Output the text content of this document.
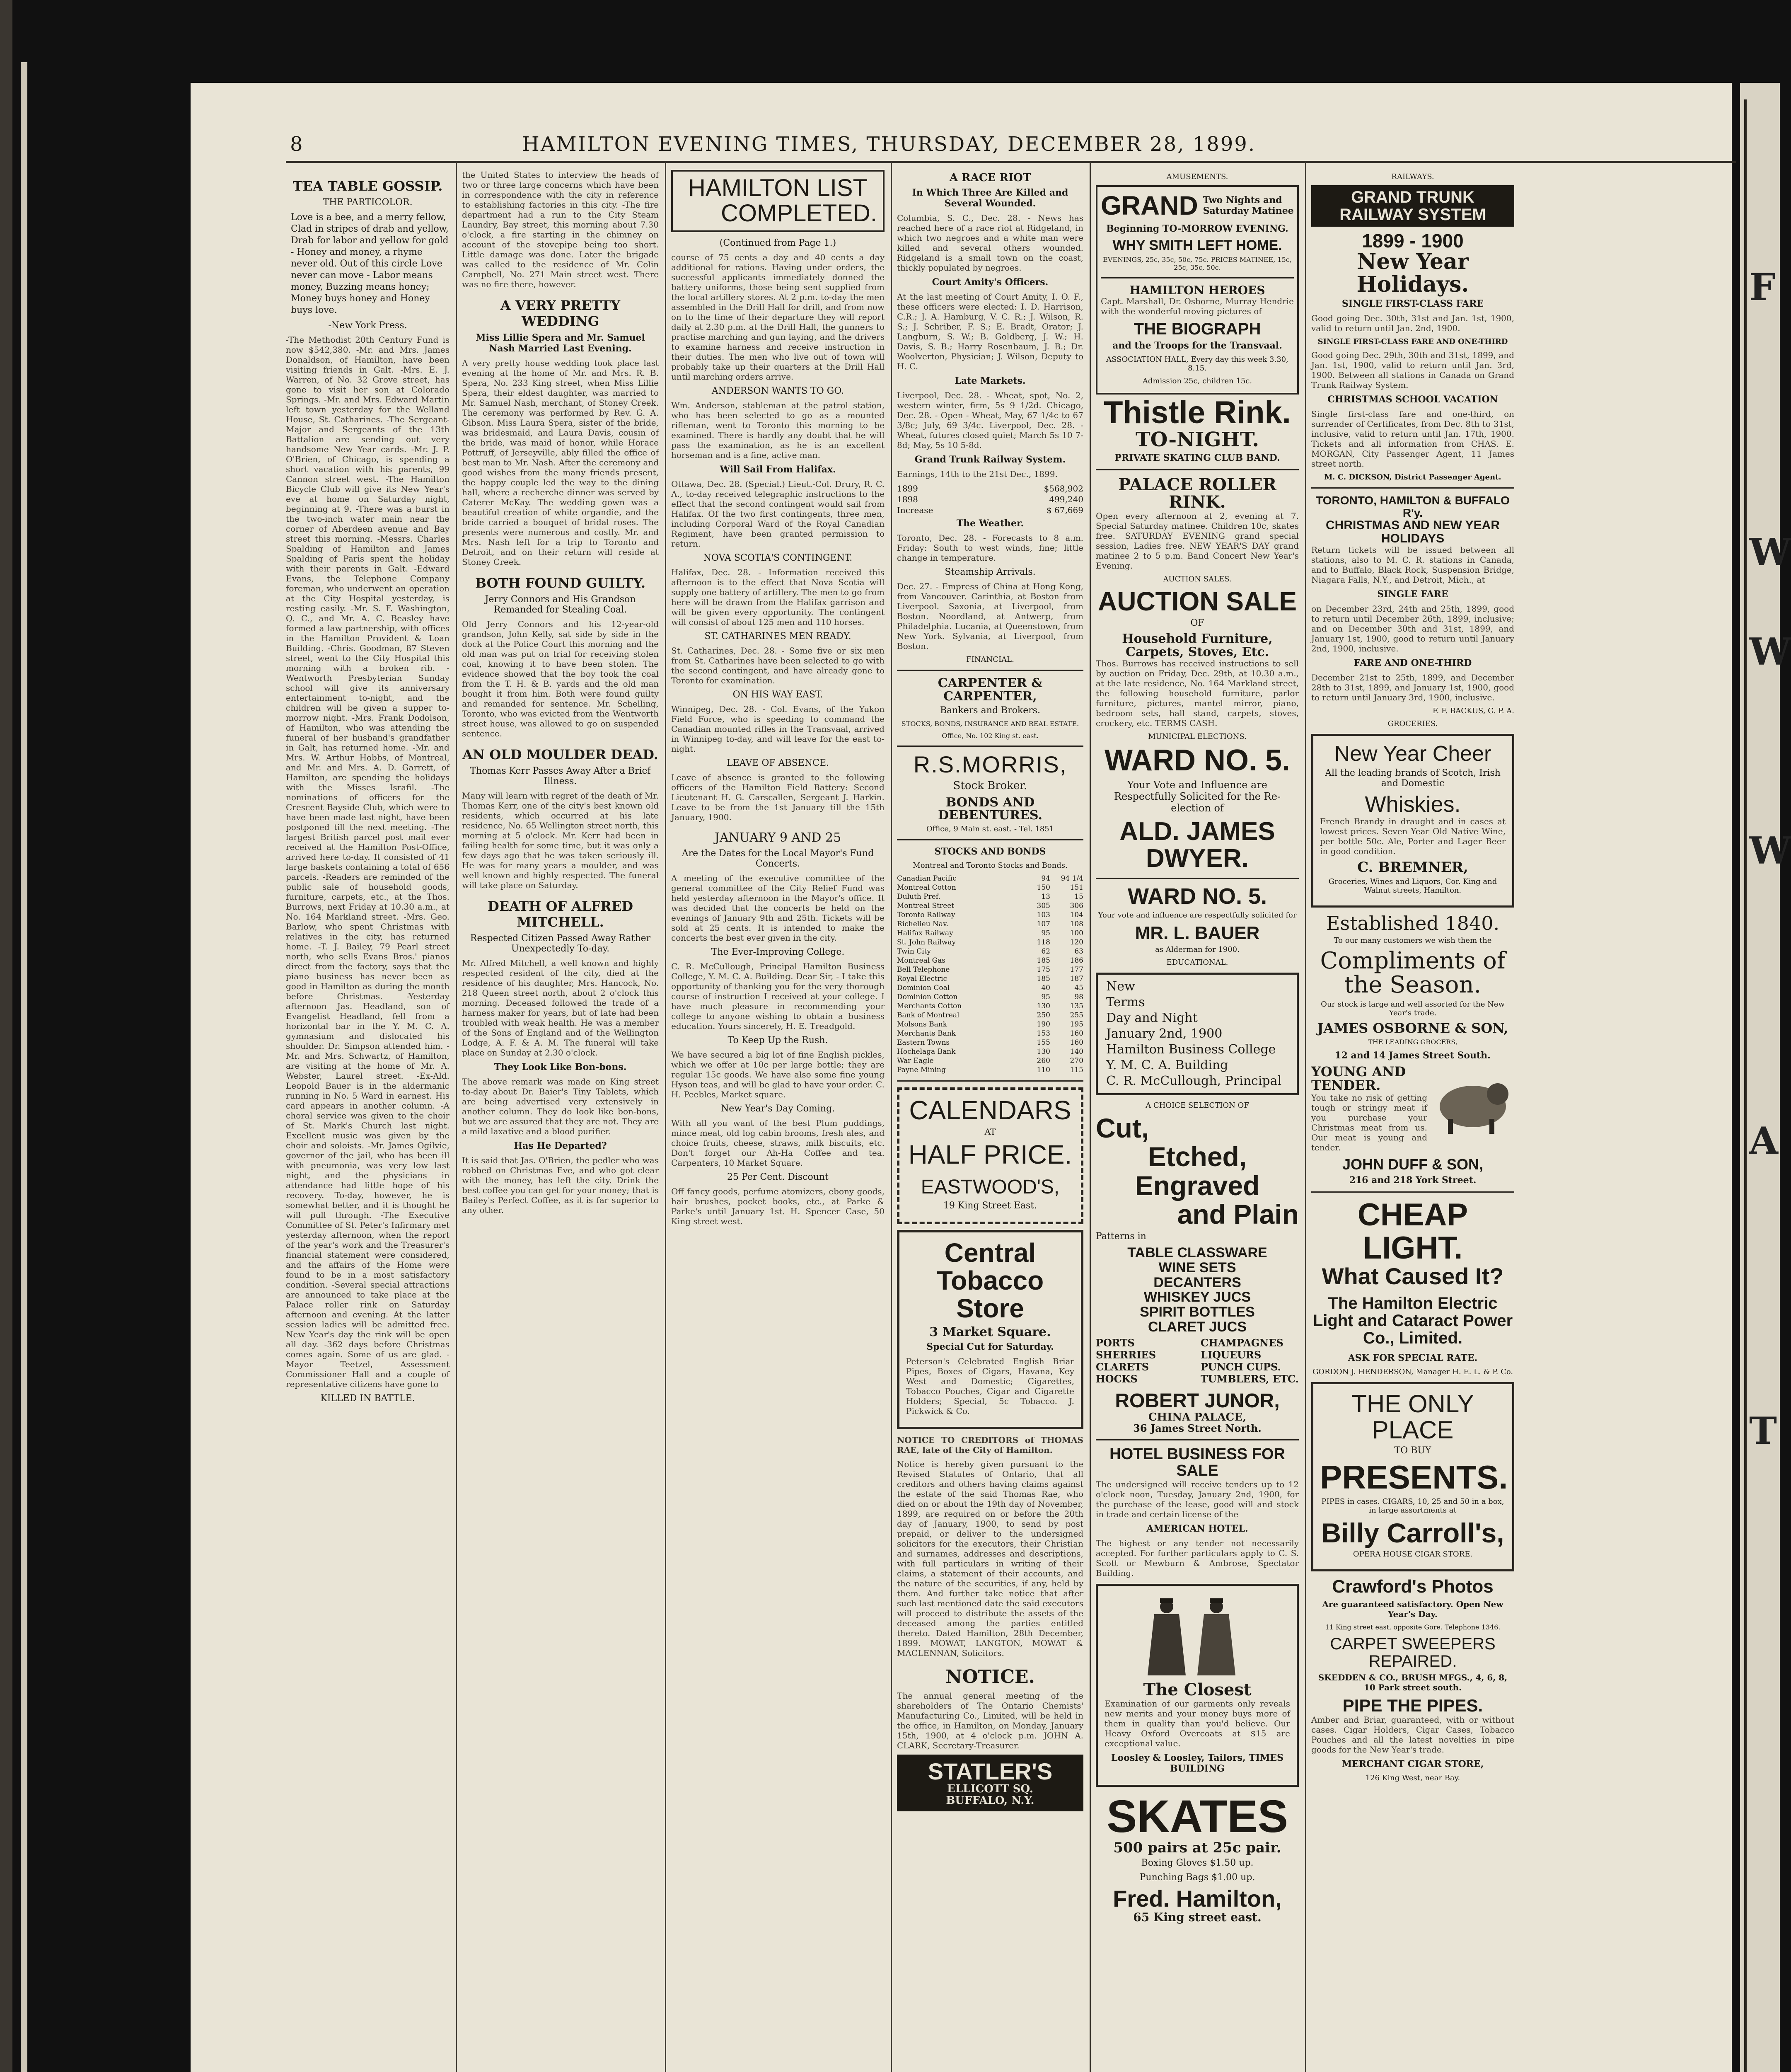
F
W
W
W
A
T
8	HAMILTON EVENING TIMES, THURSDAY, DECEMBER 28, 1899.
TEA TABLE GOSSIP.
THE PARTICOLOR.

Love is a bee, and a merry fellow, Clad in stripes of drab and yellow, Drab for labor and yellow for gold - Honey and money, a rhyme never old. Out of this circle Love never can move - Labor means money, Buzzing means honey; Money buys honey and Honey buys love.

-New York Press.

-The Methodist 20th Century Fund is now $542,380. -Mr. and Mrs. James Donaldson, of Hamilton, have been visiting friends in Galt. -Mrs. E. J. Warren, of No. 32 Grove street, has gone to visit her son at Colorado Springs. -Mr. and Mrs. Edward Martin left town yesterday for the Welland House, St. Catharines. -The Sergeant-Major and Sergeants of the 13th Battalion are sending out very handsome New Year cards. -Mr. J. P. O'Brien, of Chicago, is spending a short vacation with his parents, 99 Cannon street west. -The Hamilton Bicycle Club will give its New Year's eve at home on Saturday night, beginning at 9. -There was a burst in the two-inch water main near the corner of Aberdeen avenue and Bay street this morning. -Messrs. Charles Spalding of Hamilton and James Spalding of Paris spent the holiday with their parents in Galt. -Edward Evans, the Telephone Company foreman, who underwent an operation at the City Hospital yesterday, is resting easily. -Mr. S. F. Washington, Q. C., and Mr. A. C. Beasley have formed a law partnership, with offices in the Hamilton Provident & Loan Building. -Chris. Goodman, 87 Steven street, went to the City Hospital this morning with a broken rib. -Wentworth Presbyterian Sunday school will give its anniversary entertainment to-night, and the children will be given a supper to-morrow night. -Mrs. Frank Dodolson, of Hamilton, who was attending the funeral of her husband's grandfather in Galt, has returned home. -Mr. and Mrs. W. Arthur Hobbs, of Montreal, and Mr. and Mrs. A. D. Garrett, of Hamilton, are spending the holidays with the Misses Israfil. -The nominations of officers for the Crescent Bayside Club, which were to have been made last night, have been postponed till the next meeting. -The largest British parcel post mail ever received at the Hamilton Post-Office, arrived here to-day. It consisted of 41 large baskets containing a total of 656 parcels. -Readers are reminded of the public sale of household goods, furniture, carpets, etc., at the Thos. Burrows, next Friday at 10.30 a.m., at No. 164 Markland street. -Mrs. Geo. Barlow, who spent Christmas with relatives in the city, has returned home. -T. J. Bailey, 79 Pearl street north, who sells Evans Bros.' pianos direct from the factory, says that the piano business has never been as good in Hamilton as during the month before Christmas. -Yesterday afternoon Jas. Headland, son of Evangelist Headland, fell from a horizontal bar in the Y. M. C. A. gymnasium and dislocated his shoulder. Dr. Simpson attended him. -Mr. and Mrs. Schwartz, of Hamilton, are visiting at the home of Mr. A. Webster, Laurel street. -Ex-Ald. Leopold Bauer is in the aldermanic running in No. 5 Ward in earnest. His card appears in another column. -A choral service was given to the choir of St. Mark's Church last night. Excellent music was given by the choir and soloists. -Mr. James Ogilvie, governor of the jail, who has been ill with pneumonia, was very low last night, and the physicians in attendance had little hope of his recovery. To-day, however, he is somewhat better, and it is thought he will pull through. -The Executive Committee of St. Peter's Infirmary met yesterday afternoon, when the report of the year's work and the Treasurer's financial statement were considered, and the affairs of the Home were found to be in a most satisfactory condition. -Several special attractions are announced to take place at the Palace roller rink on Saturday afternoon and evening. At the latter session ladies will be admitted free. New Year's day the rink will be open all day. -362 days before Christmas comes again. Some of us are glad. -Mayor Teetzel, Assessment Commissioner Hall and a couple of representative citizens have gone to

KILLED IN BATTLE.

the United States to interview the heads of two or three large concerns which have been in correspondence with the city in reference to establishing factories in this city. -The fire department had a run to the City Steam Laundry, Bay street, this morning about 7.30 o'clock, a fire starting in the chimney on account of the stovepipe being too short. Little damage was done. Later the brigade was called to the residence of Mr. Colin Campbell, No. 271 Main street west. There was no fire there, however.

A VERY PRETTY WEDDING
Miss Lillie Spera and Mr. Samuel Nash Married Last Evening.

A very pretty house wedding took place last evening at the home of Mr. and Mrs. R. B. Spera, No. 233 King street, when Miss Lillie Spera, their eldest daughter, was married to Mr. Samuel Nash, merchant, of Stoney Creek. The ceremony was performed by Rev. G. A. Gibson. Miss Laura Spera, sister of the bride, was bridesmaid, and Laura Davis, cousin of the bride, was maid of honor, while Horace Pottruff, of Jerseyville, ably filled the office of best man to Mr. Nash. After the ceremony and good wishes from the many friends present, the happy couple led the way to the dining hall, where a recherche dinner was served by Caterer McKay. The wedding gown was a beautiful creation of white organdie, and the bride carried a bouquet of bridal roses. The presents were numerous and costly. Mr. and Mrs. Nash left for a trip to Toronto and Detroit, and on their return will reside at Stoney Creek.

BOTH FOUND GUILTY.
Jerry Connors and His Grandson Remanded for Stealing Coal.

Old Jerry Connors and his 12-year-old grandson, John Kelly, sat side by side in the dock at the Police Court this morning and the old man was put on trial for receiving stolen coal, knowing it to have been stolen. The evidence showed that the boy took the coal from the T. H. & B. yards and the old man bought it from him. Both were found guilty and remanded for sentence. Mr. Schelling, Toronto, who was evicted from the Wentworth street house, was allowed to go on suspended sentence.

AN OLD MOULDER DEAD.
Thomas Kerr Passes Away After a Brief Illness.

Many will learn with regret of the death of Mr. Thomas Kerr, one of the city's best known old residents, which occurred at his late residence, No. 65 Wellington street north, this morning at 5 o'clock. Mr. Kerr had been in failing health for some time, but it was only a few days ago that he was taken seriously ill. He was for many years a moulder, and was well known and highly respected. The funeral will take place on Saturday.

DEATH OF ALFRED MITCHELL.
Respected Citizen Passed Away Rather Unexpectedly To-day.

Mr. Alfred Mitchell, a well known and highly respected resident of the city, died at the residence of his daughter, Mrs. Hancock, No. 218 Queen street north, about 2 o'clock this morning. Deceased followed the trade of a harness maker for years, but of late had been troubled with weak health. He was a member of the Sons of England and of the Wellington Lodge, A. F. & A. M. The funeral will take place on Sunday at 2.30 o'clock.

They Look Like Bon-bons.

The above remark was made on King street to-day about Dr. Baier's Tiny Tablets, which are being advertised very extensively in another column. They do look like bon-bons, but we are assured that they are not. They are a mild laxative and a blood purifier.

Has He Departed?

It is said that Jas. O'Brien, the pedler who was robbed on Christmas Eve, and who got clear with the money, has left the city. Drink the best coffee you can get for your money; that is Bailey's Perfect Coffee, as it is far superior to any other.

HAMILTON LIST
COMPLETED.
(Continued from Page 1.)

course of 75 cents a day and 40 cents a day additional for rations. Having under orders, the successful applicants immediately donned the battery uniforms, those being sent supplied from the local artillery stores. At 2 p.m. to-day the men assembled in the Drill Hall for drill, and from now on to the time of their departure they will report daily at 2.30 p.m. at the Drill Hall, the gunners to practise marching and gun laying, and the drivers to examine harness and receive instruction in their duties. The men who live out of town will probably take up their quarters at the Drill Hall until marching orders arrive.

ANDERSON WANTS TO GO.

Wm. Anderson, stableman at the patrol station, who has been selected to go as a mounted rifleman, went to Toronto this morning to be examined. There is hardly any doubt that he will pass the examination, as he is an excellent horseman and is a fine, active man.

Will Sail From Halifax.

Ottawa, Dec. 28. (Special.) Lieut.-Col. Drury, R. C. A., to-day received telegraphic instructions to the effect that the second contingent would sail from Halifax. Of the two first contingents, three men, including Corporal Ward of the Royal Canadian Regiment, have been granted permission to return.

NOVA SCOTIA'S CONTINGENT.

Halifax, Dec. 28. - Information received this afternoon is to the effect that Nova Scotia will supply one battery of artillery. The men to go from here will be drawn from the Halifax garrison and will be given every opportunity. The contingent will consist of about 125 men and 110 horses.

ST. CATHARINES MEN READY.

St. Catharines, Dec. 28. - Some five or six men from St. Catharines have been selected to go with the second contingent, and have already gone to Toronto for examination.

ON HIS WAY EAST.

Winnipeg, Dec. 28. - Col. Evans, of the Yukon Field Force, who is speeding to command the Canadian mounted rifles in the Transvaal, arrived in Winnipeg to-day, and will leave for the east to-night.

LEAVE OF ABSENCE.

Leave of absence is granted to the following officers of the Hamilton Field Battery: Second Lieutenant H. G. Carscallen, Sergeant J. Harkin. Leave to be from the 1st January till the 15th January, 1900.

JANUARY 9 AND 25
Are the Dates for the Local Mayor's Fund Concerts.

A meeting of the executive committee of the general committee of the City Relief Fund was held yesterday afternoon in the Mayor's office. It was decided that the concerts be held on the evenings of January 9th and 25th. Tickets will be sold at 25 cents. It is intended to make the concerts the best ever given in the city.

The Ever-Improving College.

C. R. McCullough, Principal Hamilton Business College, Y. M. C. A. Building. Dear Sir, - I take this opportunity of thanking you for the very thorough course of instruction I received at your college. I have much pleasure in recommending your college to anyone wishing to obtain a business education. Yours sincerely, H. E. Treadgold.

To Keep Up the Rush.

We have secured a big lot of fine English pickles, which we offer at 10c per large bottle; they are regular 15c goods. We have also some fine young Hyson teas, and will be glad to have your order. C. H. Peebles, Market square.

New Year's Day Coming.

With all you want of the best Plum puddings, mince meat, old log cabin brooms, fresh ales, and choice fruits, cheese, straws, milk biscuits, etc. Don't forget our Ah-Ha Coffee and tea. Carpenters, 10 Market Square.

25 Per Cent. Discount

Off fancy goods, perfume atomizers, ebony goods, hair brushes, pocket books, etc., at Parke & Parke's until January 1st. H. Spencer Case, 50 King street west.

A RACE RIOT
In Which Three Are Killed and Several Wounded.

Columbia, S. C., Dec. 28. - News has reached here of a race riot at Ridgeland, in which two negroes and a white man were killed and several others wounded. Ridgeland is a small town on the coast, thickly populated by negroes.

Court Amity's Officers.

At the last meeting of Court Amity, I. O. F., these officers were elected: I. D. Harrison, C.R.; J. A. Hamburg, V. C. R.; J. Wilson, R. S.; J. Schriber, F. S.; E. Bradt, Orator; J. Langburn, S. W.; B. Goldberg, J. W.; H. Davis, S. B.; Harry Rosenbaum, J. B.; Dr. Woolverton, Physician; J. Wilson, Deputy to H. C.

Late Markets.

Liverpool, Dec. 28. - Wheat, spot, No. 2, western winter, firm, 5s 9 1/2d. Chicago, Dec. 28. - Open - Wheat, May, 67 1/4c to 67 3/8c; July, 69 3/4c. Liverpool, Dec. 28. - Wheat, futures closed quiet; March 5s 10 7-8d; May, 5s 10 5-8d.

Grand Trunk Railway System.

Earnings, 14th to the 21st Dec., 1899.

1899	$568,902
1898	499,240
Increase	$ 67,669
The Weather.

Toronto, Dec. 28. - Forecasts to 8 a.m. Friday: South to west winds, fine; little change in temperature.

Steamship Arrivals.

Dec. 27. - Empress of China at Hong Kong, from Vancouver. Carinthia, at Boston from Liverpool. Saxonia, at Liverpool, from Boston. Noordland, at Antwerp, from Philadelphia. Lucania, at Queenstown, from New York. Sylvania, at Liverpool, from Boston.

FINANCIAL.
CARPENTER & CARPENTER,
Bankers and Brokers.
STOCKS, BONDS, INSURANCE AND REAL ESTATE.
Office, No. 102 King st. east.
R.S.MORRIS,
Stock Broker.
BONDS AND DEBENTURES.
Office, 9 Main st. east. - Tel. 1851
STOCKS AND BONDS
Montreal and Toronto Stocks and Bonds.
Canadian Pacific	94 94 1/4
Montreal Cotton	150	151
Duluth Pref.	13	15
Montreal Street	305	306
Toronto Railway	103	104
Richelieu Nav.	107	108
Halifax Railway	95	100
St. John Railway	118	120
Twin City	62	63
Montreal Gas	185	186
Bell Telephone	175	177
Royal Electric	185	187
Dominion Coal	40	45
Dominion Cotton	95	98
Merchants Cotton	130	135
Bank of Montreal	250	255
Molsons Bank	190	195
Merchants Bank	153	160
Eastern Towns	155	160
Hochelaga Bank	130	140
War Eagle	260	270
Payne Mining	110	115
CALENDARS
AT
HALF PRICE.
EASTWOOD'S,
19 King Street East.
Central
Tobacco
Store
3 Market Square.
Special Cut for Saturday.

Peterson's Celebrated English Briar Pipes, Boxes of Cigars, Havana, Key West and Domestic; Cigarettes, Tobacco Pouches, Cigar and Cigarette Holders; Special, 5c Tobacco. J. Pickwick & Co.

NOTICE TO CREDITORS of THOMAS RAE, late of the City of Hamilton.

Notice is hereby given pursuant to the Revised Statutes of Ontario, that all creditors and others having claims against the estate of the said Thomas Rae, who died on or about the 19th day of November, 1899, are required on or before the 20th day of January, 1900, to send by post prepaid, or deliver to the undersigned solicitors for the executors, their Christian and surnames, addresses and descriptions, with full particulars in writing of their claims, a statement of their accounts, and the nature of the securities, if any, held by them. And further take notice that after such last mentioned date the said executors will proceed to distribute the assets of the deceased among the parties entitled thereto. Dated Hamilton, 28th December, 1899. MOWAT, LANGTON, MOWAT & MACLENNAN, Solicitors.

NOTICE.

The annual general meeting of the shareholders of The Ontario Chemists' Manufacturing Co., Limited, will be held in the office, in Hamilton, on Monday, January 15th, 1900, at 4 o'clock p.m. JOHN A. CLARK, Secretary-Treasurer.

STATLER'S
ELLICOTT SQ.
BUFFALO, N.Y.
AMUSEMENTS.
GRAND Two Nights and Saturday Matinee
Beginning TO-MORROW EVENING.
WHY SMITH LEFT HOME.
EVENINGS, 25c, 35c, 50c, 75c. PRICES MATINEE, 15c, 25c, 35c, 50c.
HAMILTON HEROES

Capt. Marshall, Dr. Osborne, Murray Hendrie with the wonderful moving pictures of

THE BIOGRAPH
and the Troops for the Transvaal.
ASSOCIATION HALL, Every day this week 3.30, 8.15.
Admission 25c, children 15c.
Thistle Rink.
TO-NIGHT.
PRIVATE SKATING CLUB BAND.
PALACE ROLLER RINK.

Open every afternoon at 2, evening at 7. Special Saturday matinee. Children 10c, skates free. SATURDAY EVENING grand special session, Ladies free. NEW YEAR'S DAY grand matinee 2 to 5 p.m. Band Concert New Year's Evening.

AUCTION SALES.
AUCTION SALE
OF
Household Furniture, Carpets, Stoves, Etc.

Thos. Burrows has received instructions to sell by auction on Friday, Dec. 29th, at 10.30 a.m., at the late residence, No. 164 Markland street, the following household furniture, parlor furniture, pictures, mantel mirror, piano, bedroom sets, hall stand, carpets, stoves, crockery, etc. TERMS CASH.

MUNICIPAL ELECTIONS.
WARD NO. 5.
Your Vote and Influence are Respectfully Solicited for the Re-election of
ALD. JAMES DWYER.
WARD NO. 5.
Your vote and influence are respectfully solicited for
MR. L. BAUER
as Alderman for 1900.
EDUCATIONAL.
New
Terms
Day and Night
January 2nd, 1900
Hamilton Business College
Y. M. C. A. Building
C. R. McCullough, Principal
A CHOICE SELECTION OF
Cut,
Etched,
Engraved
and Plain
Patterns in
TABLE CLASSWARE
WINE SETS
DECANTERS
WHISKEY JUCS
SPIRIT BOTTLES
CLARET JUCS
PORTS
SHERRIES
CLARETS
HOCKS
CHAMPAGNES
LIQUEURS
PUNCH CUPS.
TUMBLERS, ETC.
ROBERT JUNOR,
CHINA PALACE,
36 James Street North.
HOTEL BUSINESS FOR SALE

The undersigned will receive tenders up to 12 o'clock noon, Tuesday, January 2nd, 1900, for the purchase of the lease, good will and stock in trade and certain license of the

AMERICAN HOTEL.

The highest or any tender not necessarily accepted. For further particulars apply to C. S. Scott or Mewburn & Ambrose, Spectator Building.

The Closest

Examination of our garments only reveals new merits and your money buys more of them in quality than you'd believe. Our Heavy Oxford Overcoats at $15 are exceptional value.

Loosley & Loosley, Tailors, TIMES BUILDING
SKATES
500 pairs at 25c pair.
Boxing Gloves $1.50 up.
Punching Bags $1.00 up.
Fred. Hamilton,
65 King street east.
RAILWAYS.
GRAND TRUNK RAILWAY SYSTEM
1899 - 1900
New Year Holidays.
SINGLE FIRST-CLASS FARE

Good going Dec. 30th, 31st and Jan. 1st, 1900, valid to return until Jan. 2nd, 1900.

SINGLE FIRST-CLASS FARE AND ONE-THIRD

Good going Dec. 29th, 30th and 31st, 1899, and Jan. 1st, 1900, valid to return until Jan. 3rd, 1900. Between all stations in Canada on Grand Trunk Railway System.

CHRISTMAS SCHOOL VACATION

Single first-class fare and one-third, on surrender of Certificates, from Dec. 8th to 31st, inclusive, valid to return until Jan. 17th, 1900. Tickets and all information from CHAS. E. MORGAN, City Passenger Agent, 11 James street north.

M. C. DICKSON, District Passenger Agent.
TORONTO, HAMILTON & BUFFALO R'y.
CHRISTMAS AND NEW YEAR HOLIDAYS

Return tickets will be issued between all stations, also to M. C. R. stations in Canada, and to Buffalo, Black Rock, Suspension Bridge, Niagara Falls, N.Y., and Detroit, Mich., at

SINGLE FARE

on December 23rd, 24th and 25th, 1899, good to return until December 26th, 1899, inclusive; and on December 30th and 31st, 1899, and January 1st, 1900, good to return until January 2nd, 1900, inclusive.

FARE AND ONE-THIRD

December 21st to 25th, 1899, and December 28th to 31st, 1899, and January 1st, 1900, good to return until January 3rd, 1900, inclusive.

F. F. BACKUS, G. P. A.
GROCERIES.
New Year Cheer
All the leading brands of Scotch, Irish and Domestic
Whiskies.

French Brandy in draught and in cases at lowest prices. Seven Year Old Native Wine, per bottle 50c. Ale, Porter and Lager Beer in good condition.

C. BREMNER,
Groceries, Wines and Liquors, Cor. King and Walnut streets, Hamilton.
Established 1840.
To our many customers we wish them the
Compliments of the Season.
Our stock is large and well assorted for the New Year's trade.
JAMES OSBORNE & SON,
THE LEADING GROCERS,
12 and 14 James Street South.
YOUNG AND TENDER.

You take no risk of getting tough or stringy meat if you purchase your Christmas meat from us. Our meat is young and tender.

JOHN DUFF & SON,
216 and 218 York Street.
CHEAP LIGHT.
What Caused It?
The Hamilton Electric Light and Cataract Power Co., Limited.
ASK FOR SPECIAL RATE.
GORDON J. HENDERSON, Manager H. E. L. & P. Co.
THE ONLY PLACE
TO BUY
PRESENTS.
PIPES in cases. CIGARS, 10, 25 and 50 in a box, in large assortments at
Billy Carroll's,
OPERA HOUSE CIGAR STORE.
Crawford's Photos
Are guaranteed satisfactory. Open New Year's Day.
11 King street east, opposite Gore. Telephone 1346.
CARPET SWEEPERS REPAIRED.
SKEDDEN & CO., BRUSH MFGS., 4, 6, 8, 10 Park street south.
PIPE THE PIPES.

Amber and Briar, guaranteed, with or without cases. Cigar Holders, Cigar Cases, Tobacco Pouches and all the latest novelties in pipe goods for the New Year's trade.

MERCHANT CIGAR STORE,
126 King West, near Bay.
